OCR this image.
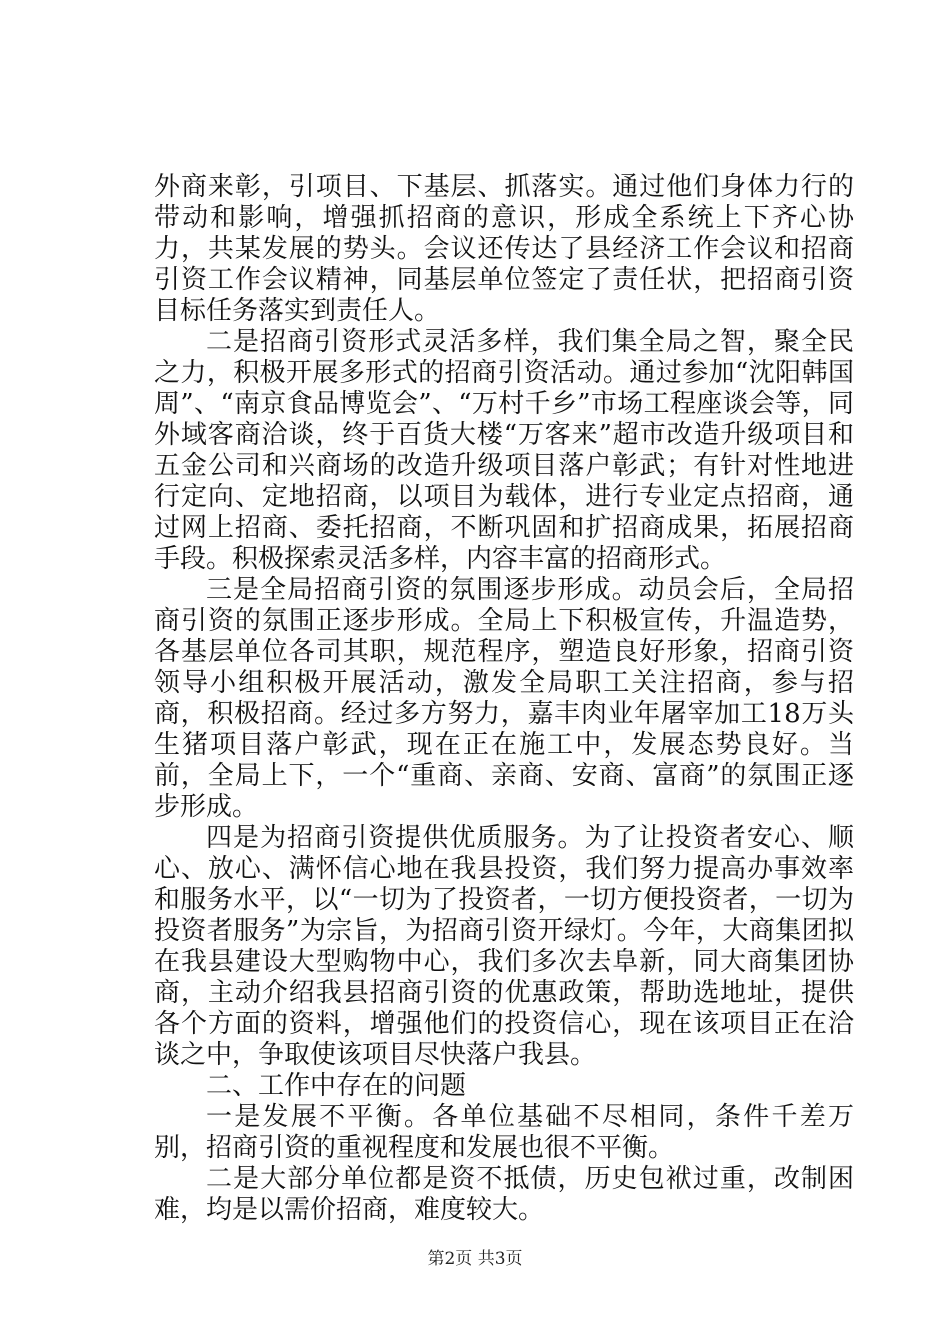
外商来彰，引项目、下基层、抓落实。通过他们身体力行的带动和影响，增强抓招商的意识，形成全系统上下齐心协力，共某发展的势头。会议还传达了县经济工作会议和招商引资工作会议精神，同基层单位签定了责任状，把招商引资目标任务落实到责任人。

二是招商引资形式灵活多样，我们集全局之智，聚全民之力，积极开展多形式的招商引资活动。通过参加“沈阳韩国周”、“南京食品博览会”、“万村千乡”市场工程座谈会等，同外域客商洽谈，终于百货大楼“万客来”超市改造升级项目和五金公司和兴商场的改造升级项目落户彰武；有针对性地进行定向、定地招商，以项目为载体，进行专业定点招商，通过网上招商、委托招商，不断巩固和扩招商成果，拓展招商手段。积极探索灵活多样，内容丰富的招商形式。

三是全局招商引资的氛围逐步形成。动员会后，全局招商引资的氛围正逐步形成。全局上下积极宣传，升温造势，各基层单位各司其职，规范程序，塑造良好形象，招商引资领导小组积极开展活动，激发全局职工关注招商，参与招商，积极招商。经过多方努力，嘉丰肉业年屠宰加工18万头生猪项目落户彰武，现在正在施工中，发展态势良好。当前，全局上下，一个“重商、亲商、安商、富商”的氛围正逐步形成。

四是为招商引资提供优质服务。为了让投资者安心、顺心、放心、满怀信心地在我县投资，我们努力提高办事效率和服务水平，以“一切为了投资者，一切方便投资者，一切为投资者服务”为宗旨，为招商引资开绿灯。今年，大商集团拟在我县建设大型购物中心，我们多次去阜新，同大商集团协商，主动介绍我县招商引资的优惠政策，帮助选地址，提供各个方面的资料，增强他们的投资信心，现在该项目正在洽谈之中，争取使该项目尽快落户我县。

二、工作中存在的问题

一是发展不平衡。各单位基础不尽相同，条件千差万别，招商引资的重视程度和发展也很不平衡。

二是大部分单位都是资不抵债，历史包袱过重，改制困难，均是以需价招商，难度较大。

第2页 共3页
